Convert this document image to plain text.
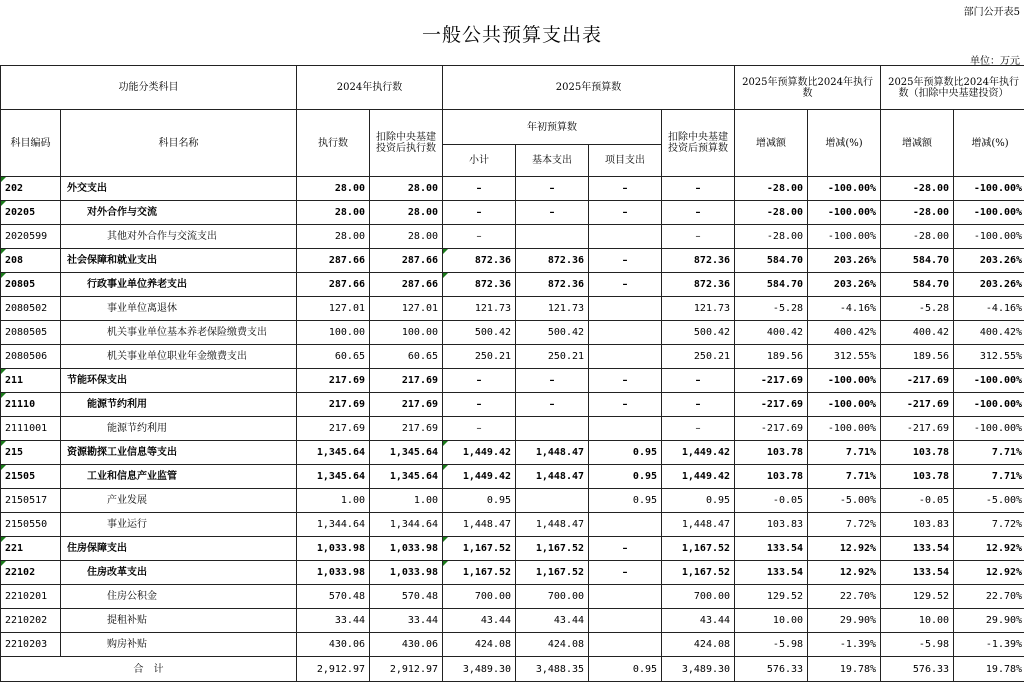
部门公开表5
一般公共预算支出表
单位：万元
功能分类科目		2024年执行数		2025年预算数				2025年预算数比2024年执行数		2025年预算数比2024年执行数（扣除中央基建投资）	
科目编码	科目名称	执行数	扣除中央基建投资后执行数	年初预算数			扣除中央基建投资后预算数	增减额	增减(%)	增减额	增减(%)
				小计	基本支出	项目支出					
202	外交支出	28.00	28.00	–	–	–	–	-28.00	-100.00%	-28.00	-100.00%
20205	对外合作与交流	28.00	28.00	–	–	–	–	-28.00	-100.00%	-28.00	-100.00%
2020599	其他对外合作与交流支出	28.00	28.00	–			–	-28.00	-100.00%	-28.00	-100.00%
208	社会保障和就业支出	287.66	287.66	872.36	872.36	–	872.36	584.70	203.26%	584.70	203.26%
20805	行政事业单位养老支出	287.66	287.66	872.36	872.36	–	872.36	584.70	203.26%	584.70	203.26%
2080502	事业单位离退休	127.01	127.01	121.73	121.73		121.73	-5.28	-4.16%	-5.28	-4.16%
2080505	机关事业单位基本养老保险缴费支出	100.00	100.00	500.42	500.42		500.42	400.42	400.42%	400.42	400.42%
2080506	机关事业单位职业年金缴费支出	60.65	60.65	250.21	250.21		250.21	189.56	312.55%	189.56	312.55%
211	节能环保支出	217.69	217.69	–	–	–	–	-217.69	-100.00%	-217.69	-100.00%
21110	能源节约利用	217.69	217.69	–	–	–	–	-217.69	-100.00%	-217.69	-100.00%
2111001	能源节约利用	217.69	217.69	–			–	-217.69	-100.00%	-217.69	-100.00%
215	资源勘探工业信息等支出	1,345.64	1,345.64	1,449.42	1,448.47	0.95	1,449.42	103.78	7.71%	103.78	7.71%
21505	工业和信息产业监管	1,345.64	1,345.64	1,449.42	1,448.47	0.95	1,449.42	103.78	7.71%	103.78	7.71%
2150517	产业发展	1.00	1.00	0.95		0.95	0.95	-0.05	-5.00%	-0.05	-5.00%
2150550	事业运行	1,344.64	1,344.64	1,448.47	1,448.47		1,448.47	103.83	7.72%	103.83	7.72%
221	住房保障支出	1,033.98	1,033.98	1,167.52	1,167.52	–	1,167.52	133.54	12.92%	133.54	12.92%
22102	住房改革支出	1,033.98	1,033.98	1,167.52	1,167.52	–	1,167.52	133.54	12.92%	133.54	12.92%
2210201	住房公积金	570.48	570.48	700.00	700.00		700.00	129.52	22.70%	129.52	22.70%
2210202	提租补贴	33.44	33.44	43.44	43.44		43.44	10.00	29.90%	10.00	29.90%
2210203	购房补贴	430.06	430.06	424.08	424.08		424.08	-5.98	-1.39%	-5.98	-1.39%
合　计		2,912.97	2,912.97	3,489.30	3,488.35	0.95	3,489.30	576.33	19.78%	576.33	19.78%
